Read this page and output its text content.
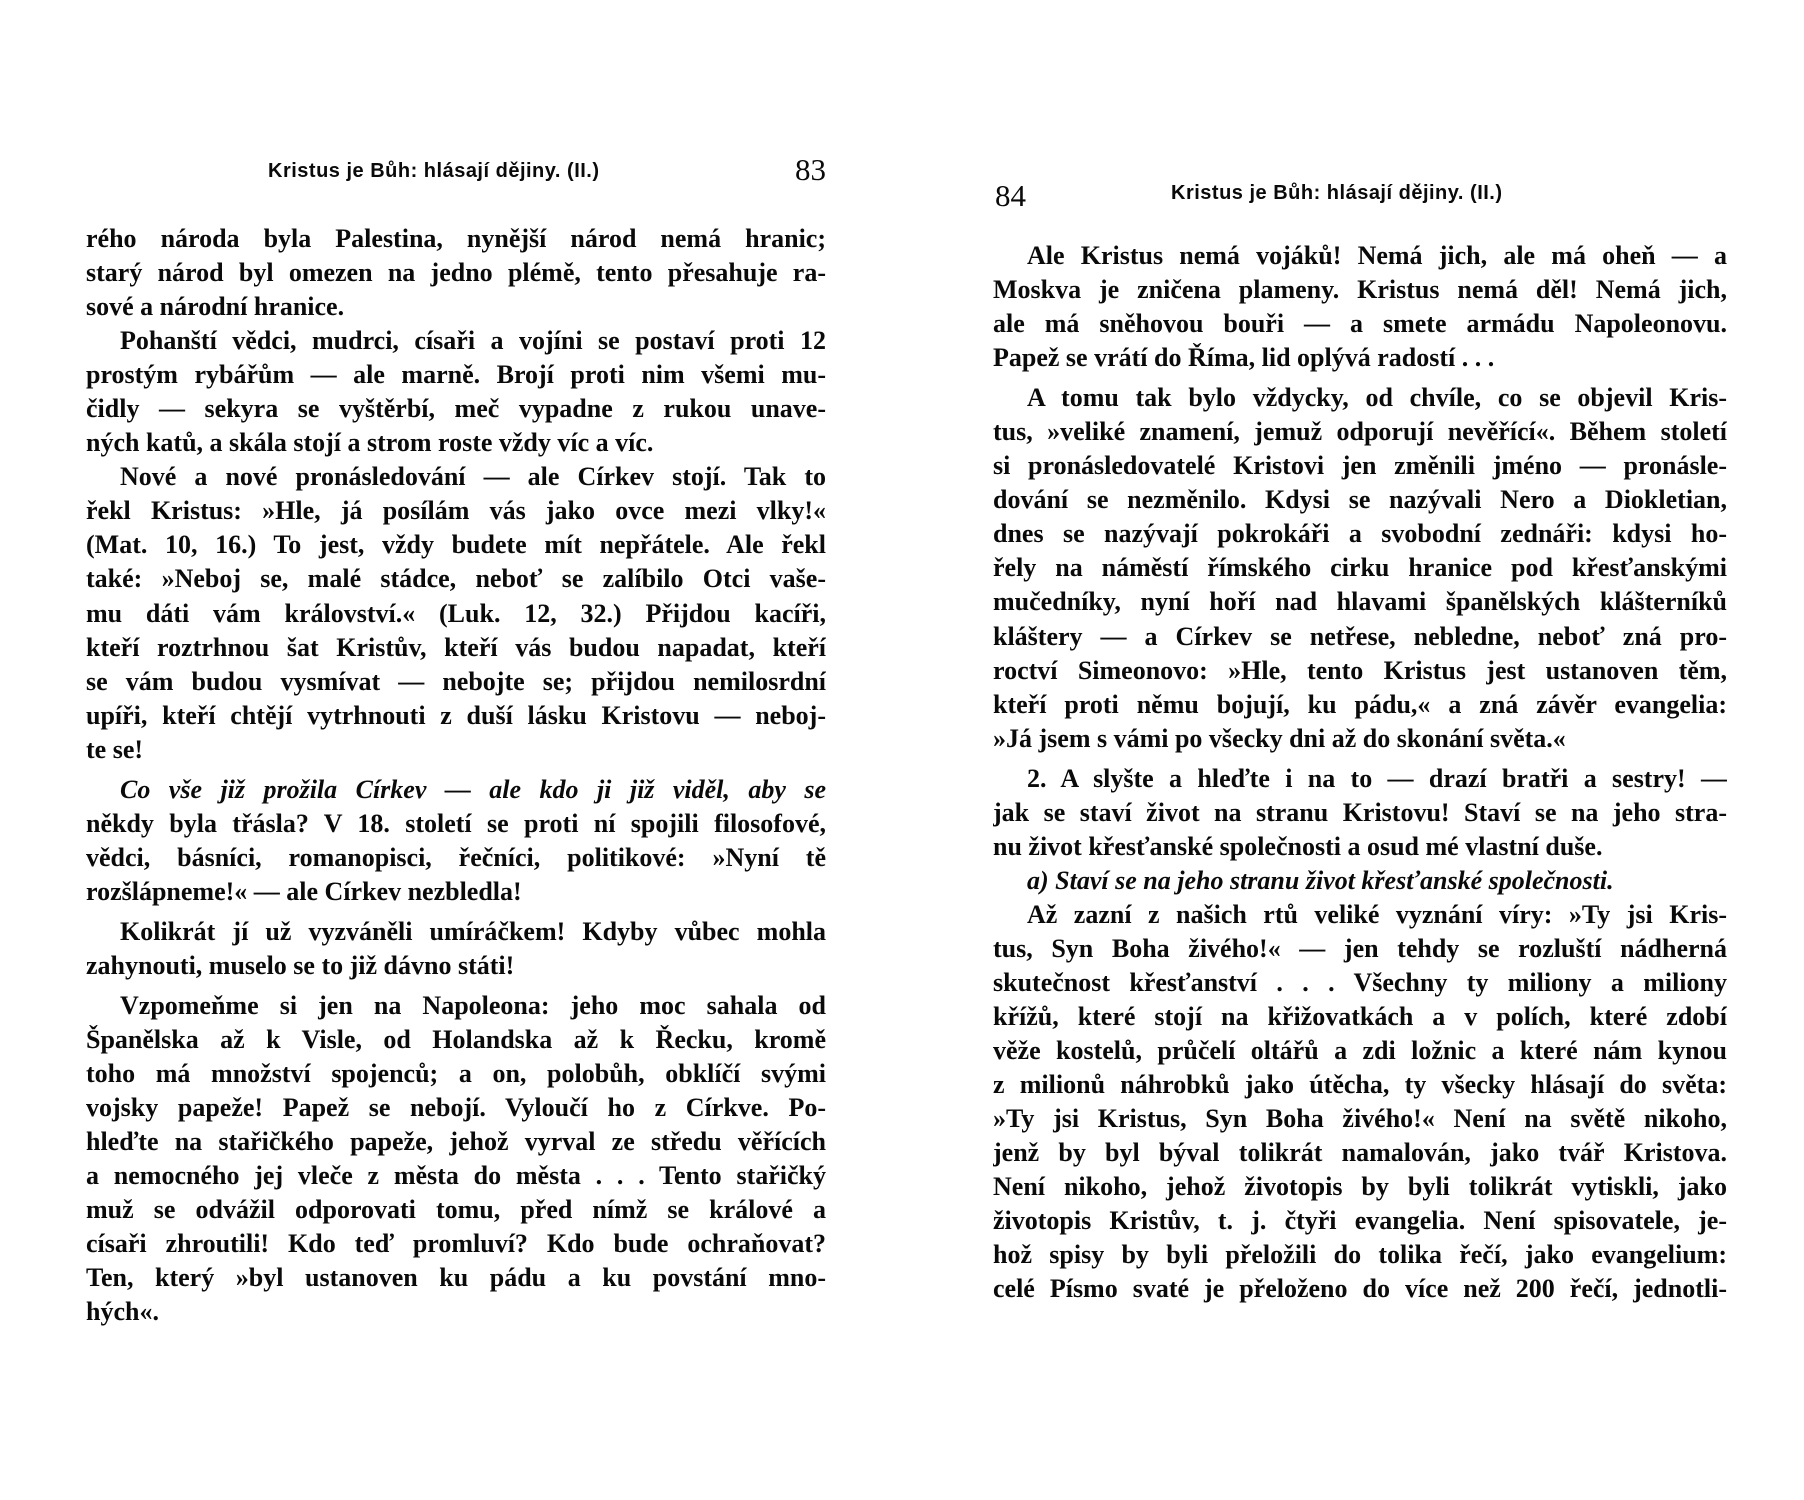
Kristus je Bůh: hlásají dějiny. (II.)	83
rého národa byla Palestina, nynější národ nemá hranic;
starý národ byl omezen na jedno plémě, tento přesahuje ra-
sové a národní hranice.
Pohanští vědci, mudrci, císaři a vojíni se postaví proti 12
prostým rybářům — ale marně. Brojí proti nim všemi mu-
čidly — sekyra se vyštěrbí, meč vypadne z rukou unave-
ných katů, a skála stojí a strom roste vždy víc a víc.
Nové a nové pronásledování — ale Církev stojí. Tak to
řekl Kristus: »Hle, já posílám vás jako ovce mezi vlky!«
(Mat. 10, 16.) To jest, vždy budete mít nepřátele. Ale řekl
také: »Neboj se, malé stádce, neboť se zalíbilo Otci vaše-
mu dáti vám království.« (Luk. 12, 32.) Přijdou kacíři,
kteří roztrhnou šat Kristův, kteří vás budou napadat, kteří
se vám budou vysmívat — nebojte se; přijdou nemilosrdní
upíři, kteří chtějí vytrhnouti z duší lásku Kristovu — neboj-
te se!
Co vše již prožila Církev — ale kdo ji již viděl, aby se
někdy byla třásla? V 18. století se proti ní spojili filosofové,
vědci, básníci, romanopisci, řečníci, politikové: »Nyní tě
rozšlápneme!« — ale Církev nezbledla!
Kolikrát jí už vyzváněli umíráčkem! Kdyby vůbec mohla
zahynouti, muselo se to již dávno státi!
Vzpomeňme si jen na Napoleona: jeho moc sahala od
Španělska až k Visle, od Holandska až k Řecku, kromě
toho má množství spojenců; a on, polobůh, obklíčí svými
vojsky papeže! Papež se nebojí. Vyloučí ho z Církve. Po-
hleďte na stařičkého papeže, jehož vyrval ze středu věřících
a nemocného jej vleče z města do města . . . Tento stařičký
muž se odvážil odporovati tomu, před nímž se králové a
císaři zhroutili! Kdo teď promluví? Kdo bude ochraňovat?
Ten, který »byl ustanoven ku pádu a ku povstání mno-
hých«.
84	Kristus je Bůh: hlásají dějiny. (II.)
Ale Kristus nemá vojáků! Nemá jich, ale má oheň — a
Moskva je zničena plameny. Kristus nemá děl! Nemá jich,
ale má sněhovou bouři — a smete armádu Napoleonovu.
Papež se vrátí do Říma, lid oplývá radostí . . .
A tomu tak bylo vždycky, od chvíle, co se objevil Kris-
tus, »veliké znamení, jemuž odporují nevěřící«. Během století
si pronásledovatelé Kristovi jen změnili jméno — pronásle-
dování se nezměnilo. Kdysi se nazývali Nero a Diokletian,
dnes se nazývají pokrokáři a svobodní zednáři: kdysi ho-
řely na náměstí římského cirku hranice pod křesťanskými
mučedníky, nyní hoří nad hlavami španělských klášterníků
kláštery — a Církev se netřese, nebledne, neboť zná pro-
roctví Simeonovo: »Hle, tento Kristus jest ustanoven těm,
kteří proti němu bojují, ku pádu,« a zná závěr evangelia:
»Já jsem s vámi po všecky dni až do skonání světa.«
2. A slyšte a hleďte i na to — drazí bratři a sestry! —
jak se staví život na stranu Kristovu! Staví se na jeho stra-
nu život křesťanské společnosti a osud mé vlastní duše.
a) Staví se na jeho stranu život křesťanské společnosti.
Až zazní z našich rtů veliké vyznání víry: »Ty jsi Kris-
tus, Syn Boha živého!« — jen tehdy se rozluští nádherná
skutečnost křesťanství . . . Všechny ty miliony a miliony
křížů, které stojí na křižovatkách a v polích, které zdobí
věže kostelů, průčelí oltářů a zdi ložnic a které nám kynou
z milionů náhrobků jako útěcha, ty všecky hlásají do světa:
»Ty jsi Kristus, Syn Boha živého!« Není na světě nikoho,
jenž by byl býval tolikrát namalován, jako tvář Kristova.
Není nikoho, jehož životopis by byli tolikrát vytiskli, jako
životopis Kristův, t. j. čtyři evangelia. Není spisovatele, je-
hož spisy by byli přeložili do tolika řečí, jako evangelium:
celé Písmo svaté je přeloženo do více než 200 řečí, jednotli-
